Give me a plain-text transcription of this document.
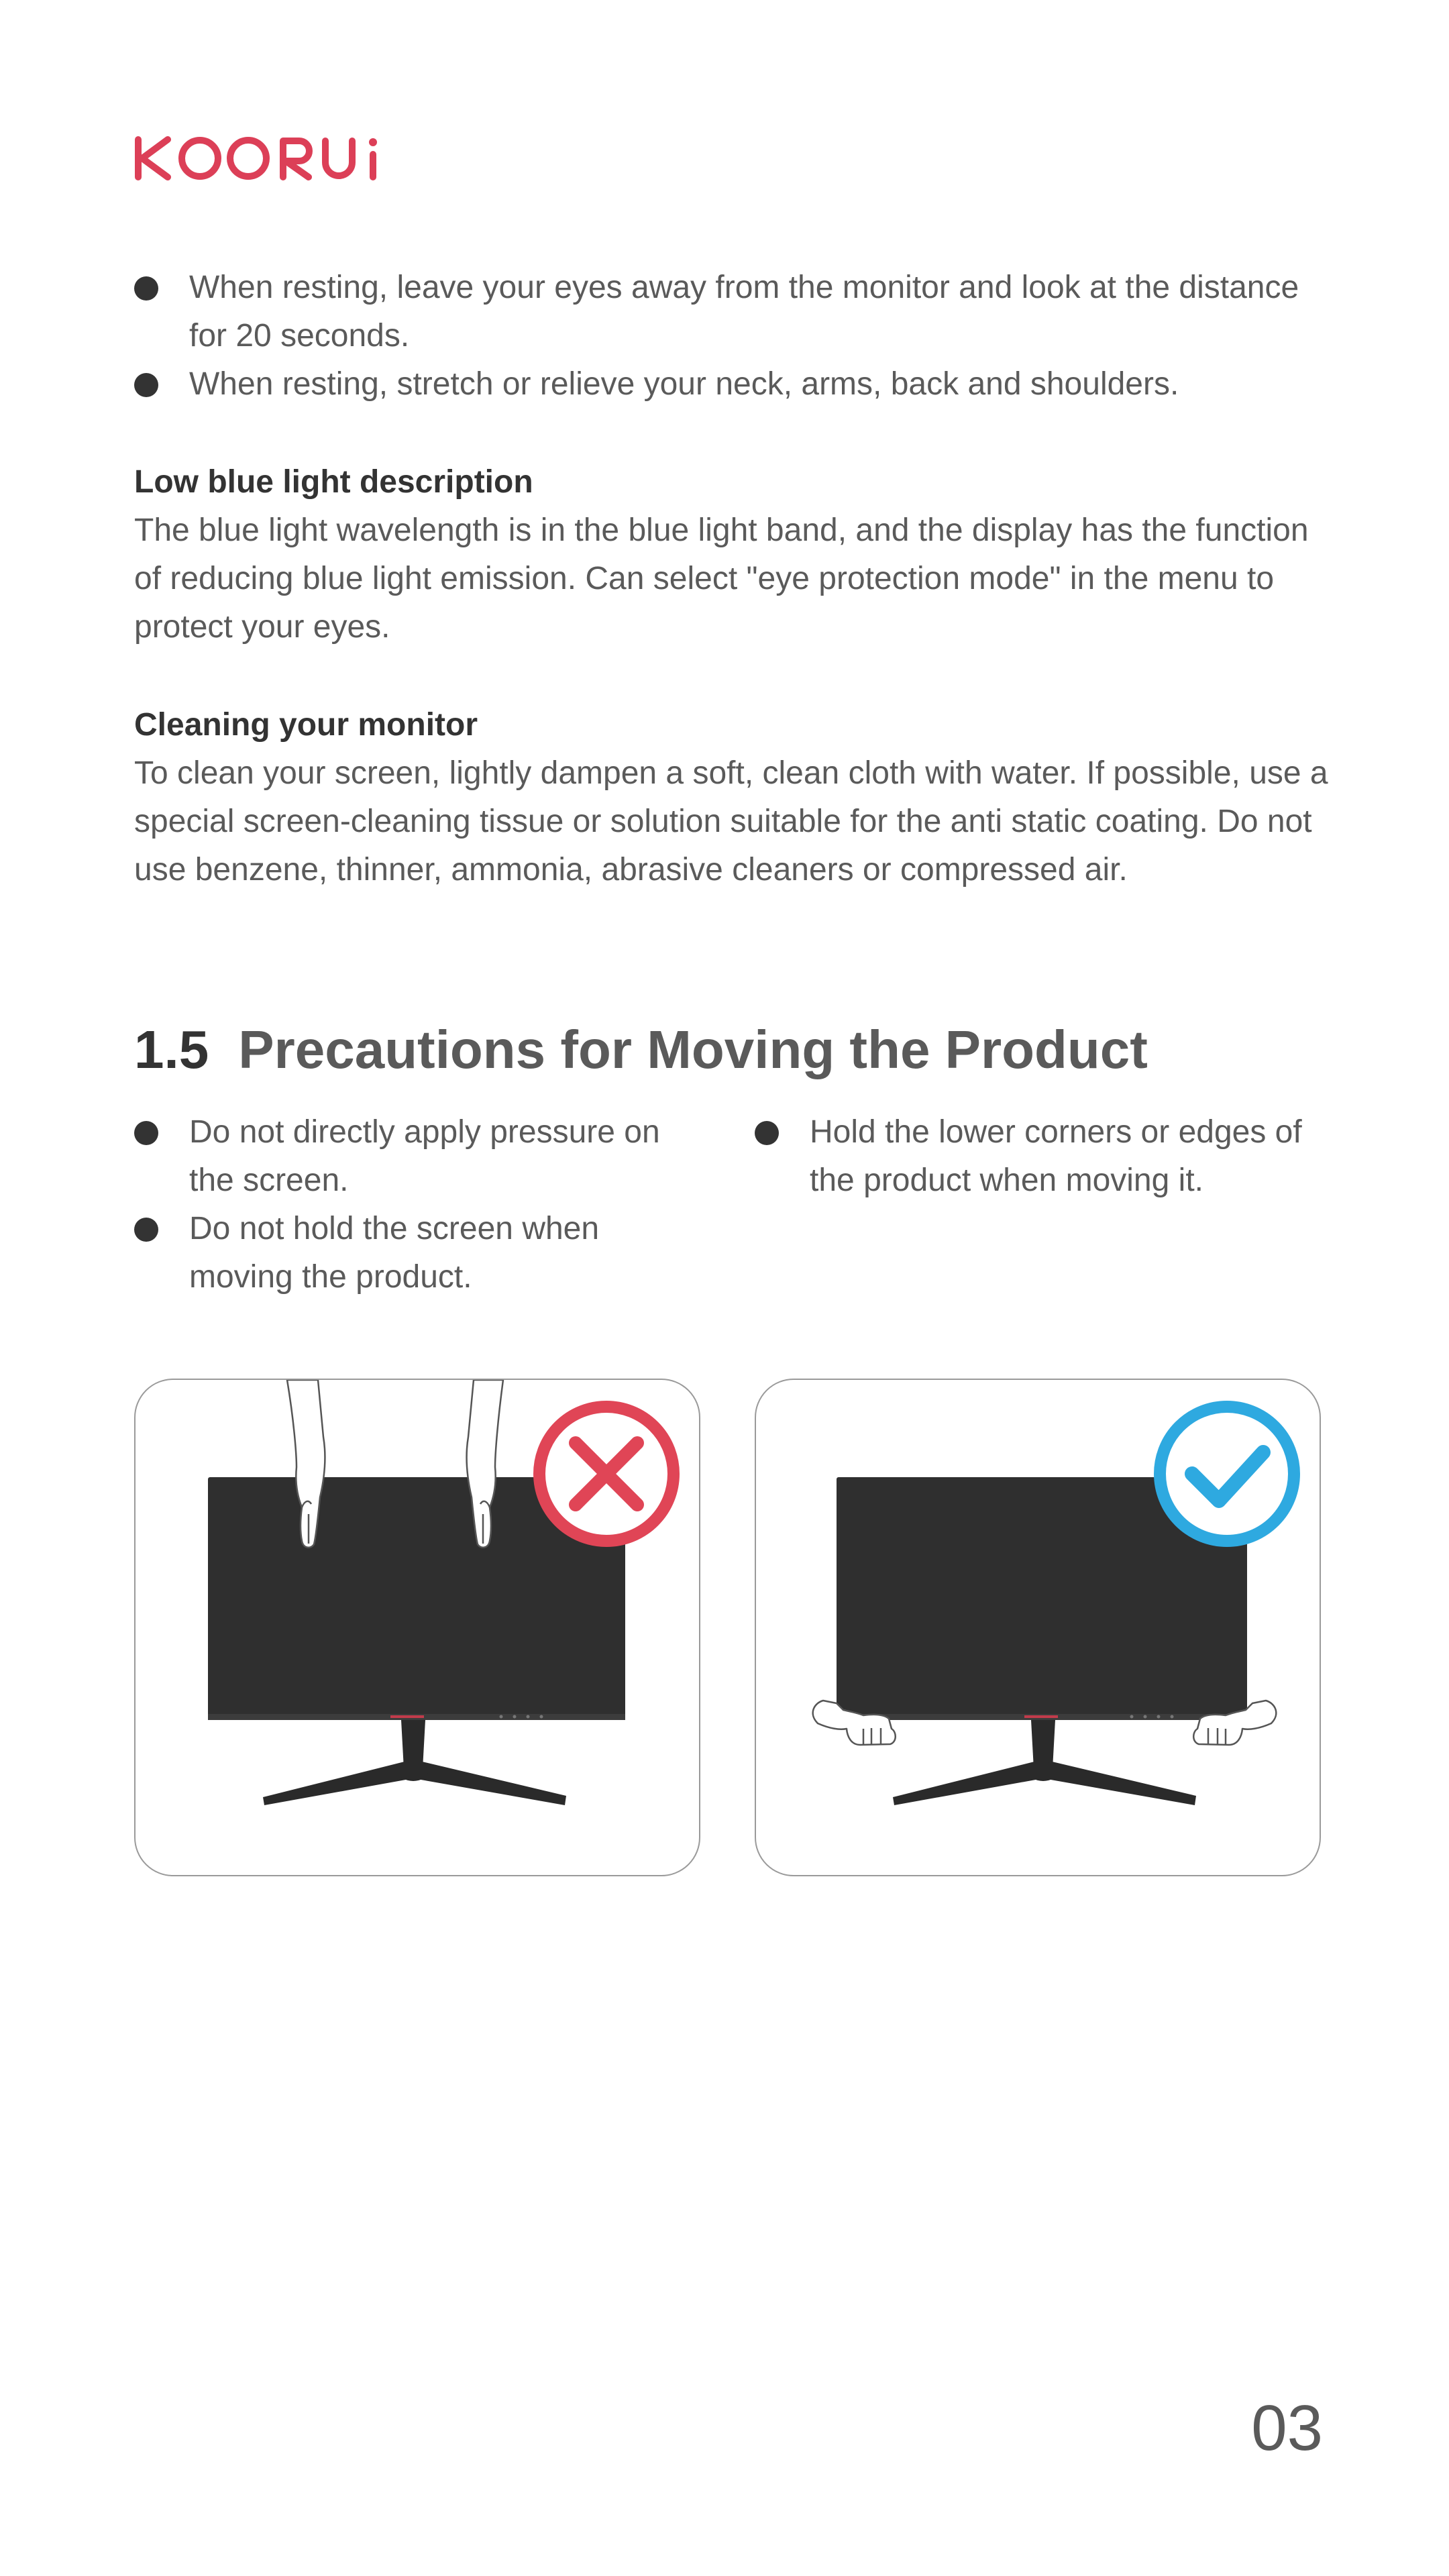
When resting, leave your eyes away from the monitor and look at the distance for 20 seconds.
When resting, stretch or relieve your neck, arms, back and shoulders.
Low blue light description

The blue light wavelength is in the blue light band, and the display has the function of reducing blue light emission. Can select "eye protection mode" in the menu to protect your eyes.

Cleaning your monitor

To clean your screen, lightly dampen a soft, clean cloth with water. If possible, use a special screen-cleaning tissue or solution suitable for the anti static coating. Do not use benzene, thinner, ammonia, abrasive cleaners or compressed air.

1.5 Precautions for Moving the Product
Do not directly apply pressure on the screen.
Do not hold the screen when moving the product.
Hold the lower corners or edges of the product when moving it.

03
